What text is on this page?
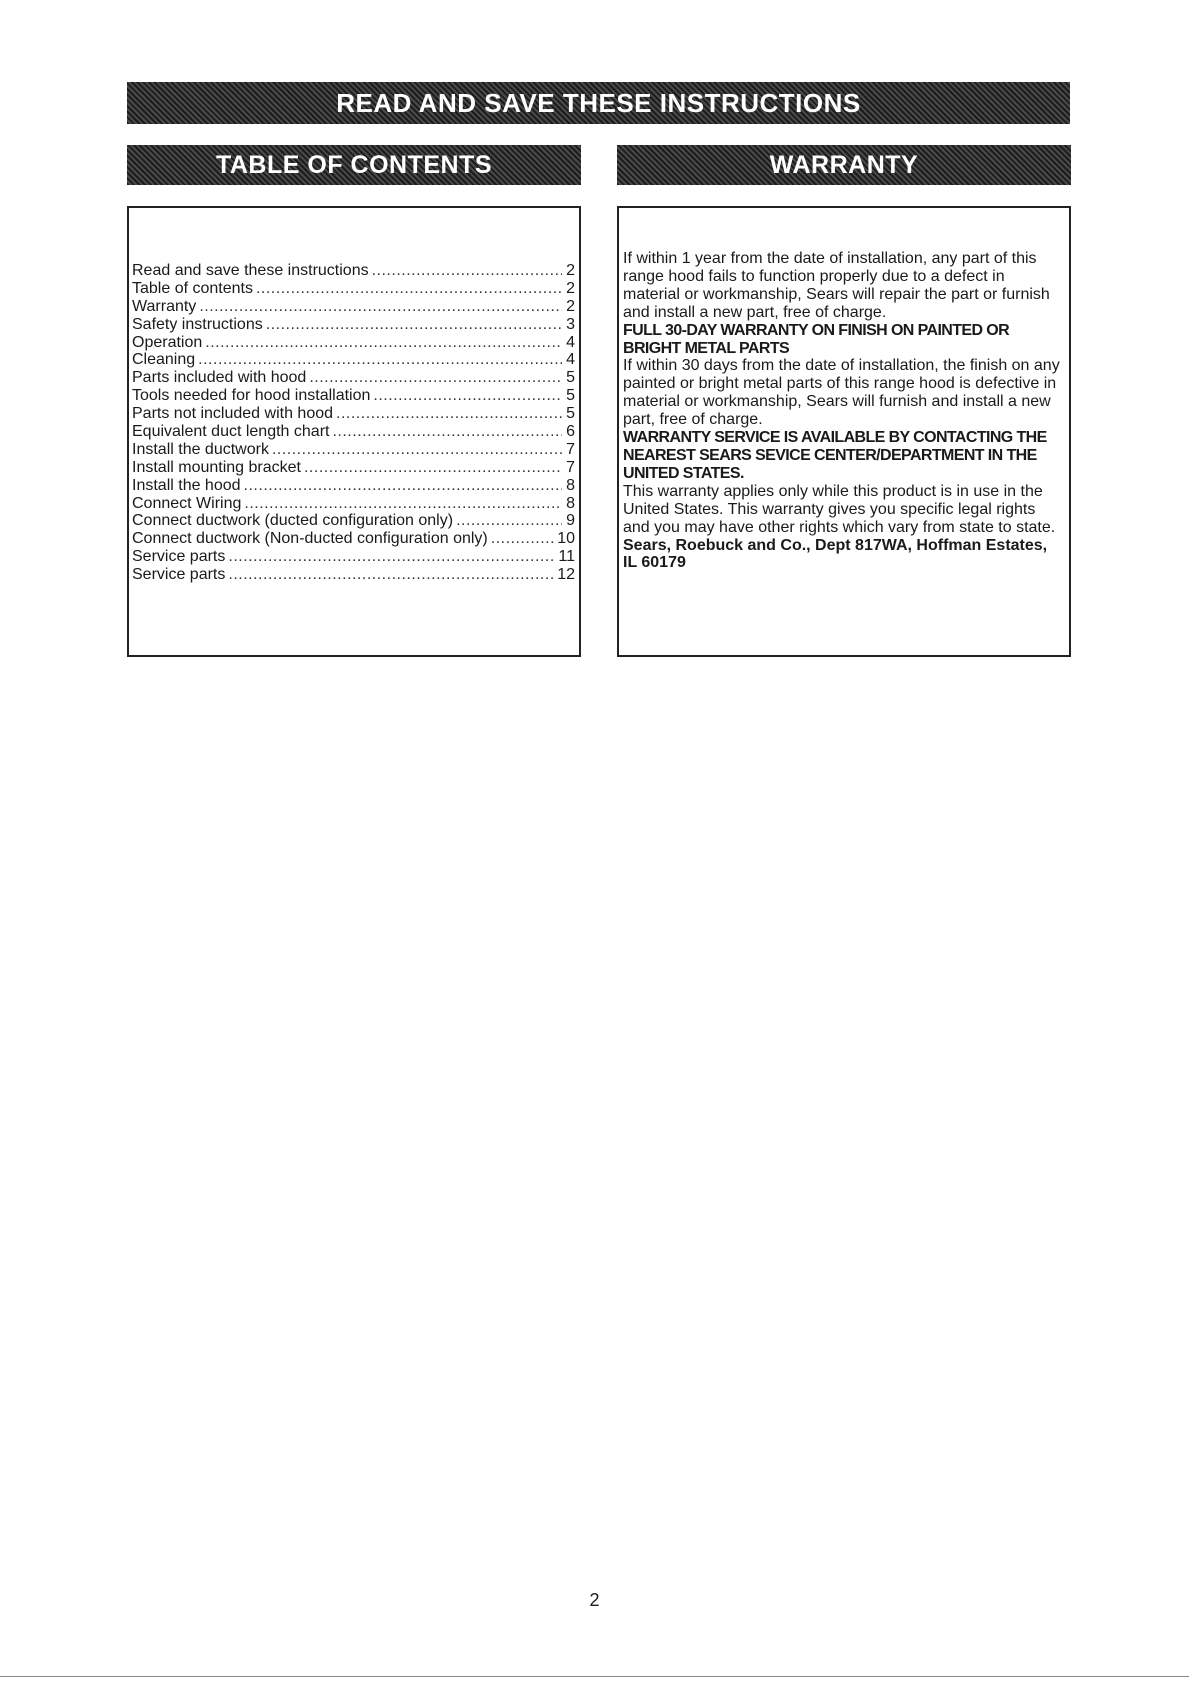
READ AND SAVE THESE INSTRUCTIONS
TABLE OF CONTENTS	WARRANTY
Read and save these instructions .....	2
Table of contents .....	2
Warranty .....	2
Safety instructions .....	3
Operation .....	4
Cleaning .....	4
Parts included with hood .....	5
Tools needed for hood installation .....	5
Parts not included with hood .....	5
Equivalent duct length chart .....	6
Install the ductwork .....	7
Install mounting bracket .....	7
Install the hood .....	8
Connect Wiring .....	8
Connect ductwork (ducted configuration only) .....	9
Connect ductwork (Non-ducted configuration only) .....	10
Service parts .....	11
Service parts .....	12

If within 1 year from the date of installation, any part of this range hood fails to function properly due to a defect in material or workmanship, Sears will repair the part or furnish and install a new part, free of charge.

FULL 30-DAY WARRANTY ON FINISH ON PAINTED OR BRIGHT METAL PARTS

If within 30 days from the date of installation, the finish on any painted or bright metal parts of this range hood is defective in material or workmanship, Sears will furnish and install a new part, free of charge.

WARRANTY SERVICE IS AVAILABLE BY CONTACTING THE NEAREST SEARS SEVICE CENTER/DEPARTMENT IN THE UNITED STATES.

This warranty applies only while this product is in use in the United States. This warranty gives you specific legal rights and you may have other rights which vary from state to state.

Sears, Roebuck and Co., Dept 817WA, Hoffman Estates, IL 60179

2
